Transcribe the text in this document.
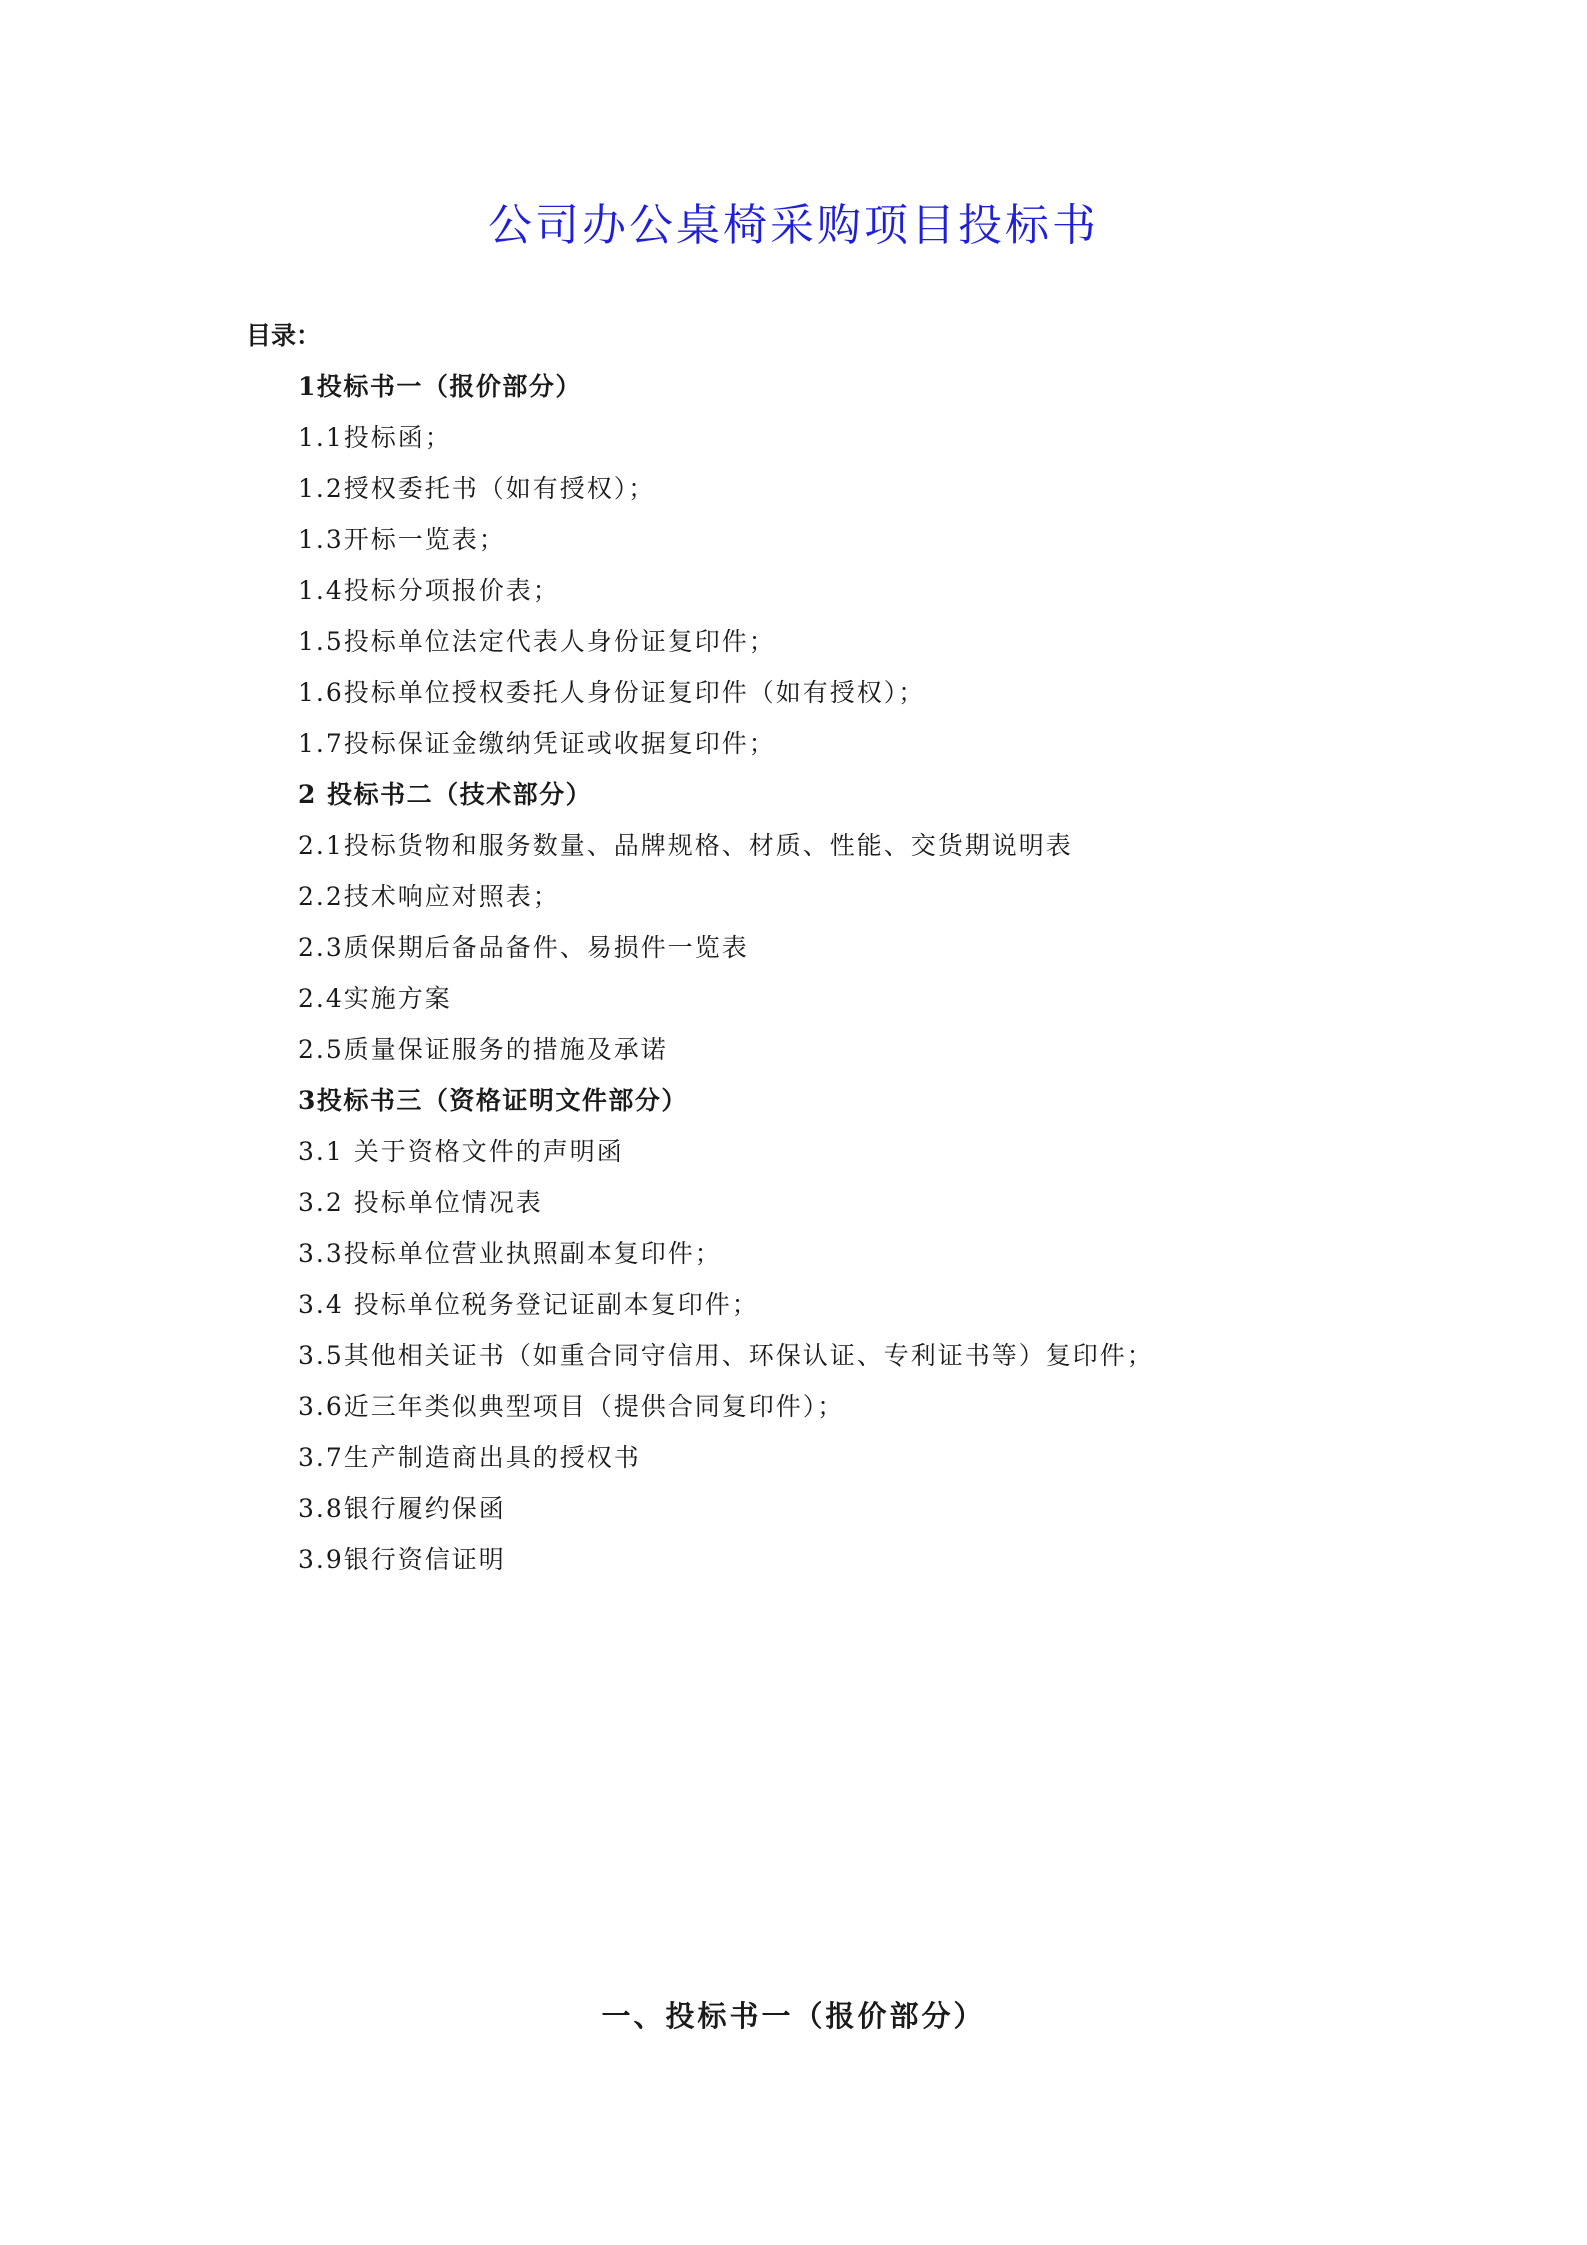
公司办公桌椅采购项目投标书
目录：
1投标书一（报价部分）
1.1投标函；
1.2授权委托书（如有授权）；
1.3开标一览表；
1.4投标分项报价表；
1.5投标单位法定代表人身份证复印件；
1.6投标单位授权委托人身份证复印件（如有授权）；
1.7投标保证金缴纳凭证或收据复印件；
2 投标书二（技术部分）
2.1投标货物和服务数量、品牌规格、材质、性能、交货期说明表
2.2技术响应对照表；
2.3质保期后备品备件、易损件一览表
2.4实施方案
2.5质量保证服务的措施及承诺
3投标书三（资格证明文件部分）
3.1 关于资格文件的声明函
3.2 投标单位情况表
3.3投标单位营业执照副本复印件；
3.4 投标单位税务登记证副本复印件；
3.5其他相关证书（如重合同守信用、环保认证、专利证书等）复印件；
3.6近三年类似典型项目（提供合同复印件）；
3.7生产制造商出具的授权书
3.8银行履约保函
3.9银行资信证明
一、投标书一（报价部分）
